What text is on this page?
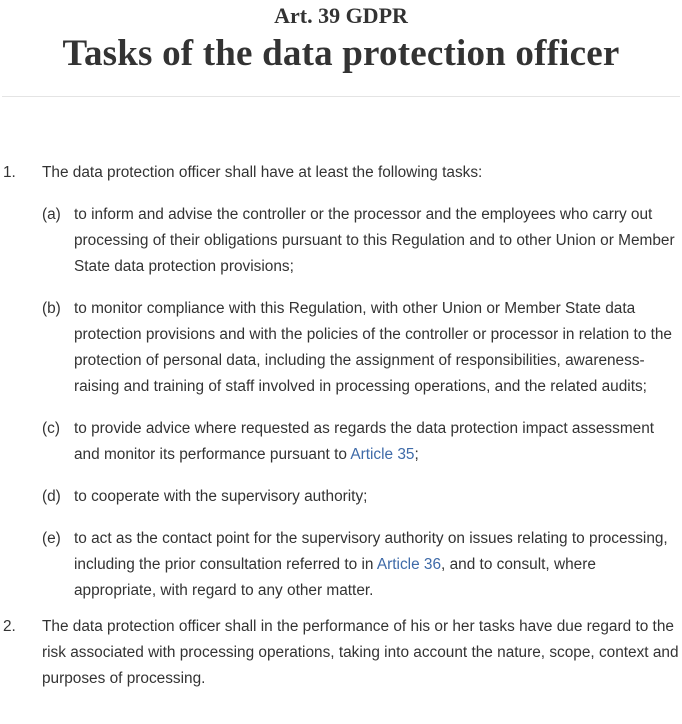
Art. 39 GDPR
Tasks of the data protection officer
1. The data protection officer shall have at least the following tasks:

(a) to inform and advise the controller or the processor and the employees who carry out processing of their obligations pursuant to this Regulation and to other Union or Member State data protection provisions;
(b) to monitor compliance with this Regulation, with other Union or Member State data protection provisions and with the policies of the controller or processor in relation to the protection of personal data, including the assignment of responsibilities, awareness-raising and training of staff involved in processing operations, and the related audits;
(c) to provide advice where requested as regards the data protection impact assessment and monitor its performance pursuant to Article 35;
(d) to cooperate with the supervisory authority;
(e) to act as the contact point for the supervisory authority on issues relating to processing, including the prior consultation referred to in Article 36, and to consult, where appropriate, with regard to any other matter.
2. The data protection officer shall in the performance of his or her tasks have due regard to the risk associated with processing operations, taking into account the nature, scope, context and purposes of processing.
